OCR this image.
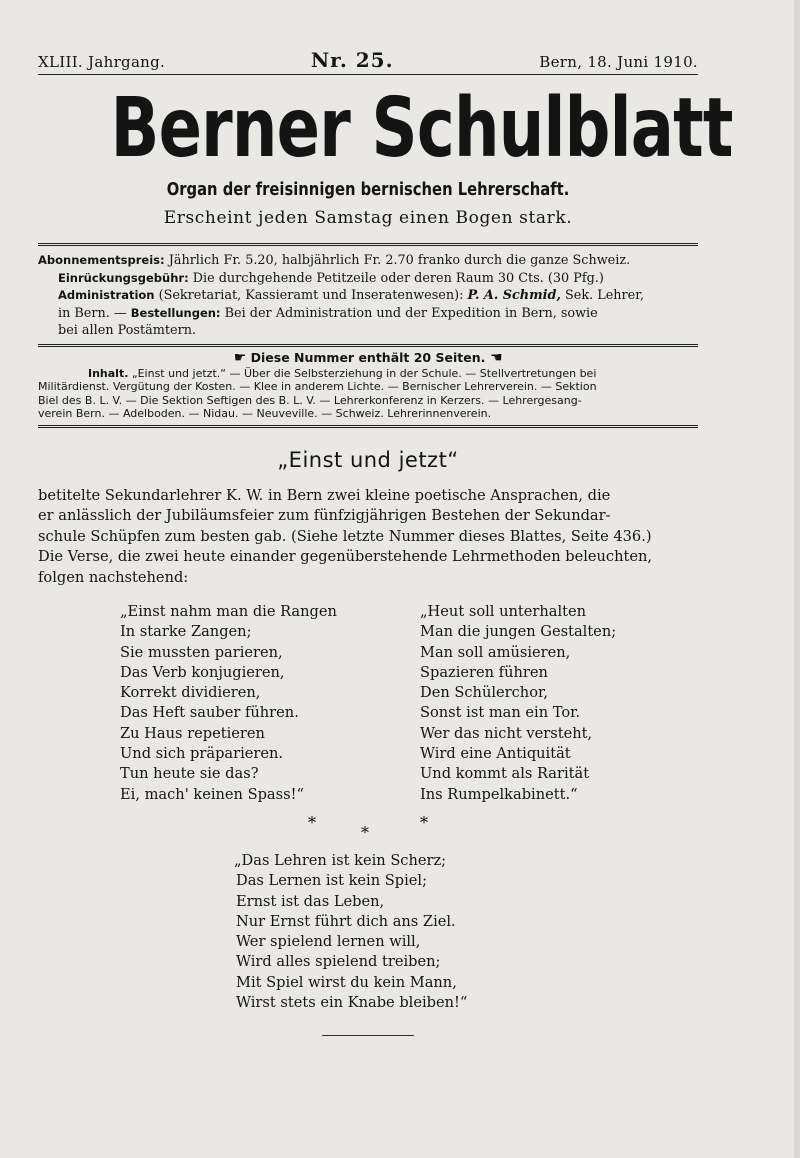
XLIII. Jahrgang.	Nr. 25.	Bern, 18. Juni 1910.
Berner Schulblatt
Organ der freisinnigen bernischen Lehrerschaft.
Erscheint jeden Samstag einen Bogen stark.

Abonnementspreis: Jährlich Fr. 5.20, halbjährlich Fr. 2.70 franko durch die ganze Schweiz.

Einrückungsgebühr: Die durchgehende Petitzeile oder deren Raum 30 Cts. (30 Pfg.)

Administration (Sekretariat, Kassieramt und Inseratenwesen): P. A. Schmid, Sek. Lehrer,

in Bern. — Bestellungen: Bei der Administration und der Expedition in Bern, sowie

bei allen Postämtern.

☛ Diese Nummer enthält 20 Seiten. ☛
Inhalt. „Einst und jetzt.“ — Über die Selbsterziehung in der Schule. — Stellvertretungen bei
Militärdienst. Vergütung der Kosten. — Klee in anderem Lichte. — Bernischer Lehrerverein. — Sektion
Biel des B. L. V. — Die Sektion Seftigen des B. L. V. — Lehrerkonferenz in Kerzers. — Lehrergesang-
verein Bern. — Adelboden. — Nidau. — Neuveville. — Schweiz. Lehrerinnenverein.
„Einst und jetzt“

betitelte Sekundarlehrer K. W. in Bern zwei kleine poetische Ansprachen, die

er anlässlich der Jubiläumsfeier zum fünfzigjährigen Bestehen der Sekundar-

schule Schüpfen zum besten gab. (Siehe letzte Nummer dieses Blattes, Seite 436.)

Die Verse, die zwei heute einander gegenüberstehende Lehrmethoden beleuchten,

folgen nachstehend:

„Einst nahm man die Rangen
In starke Zangen;
Sie mussten parieren,
Das Verb konjugieren,
Korrekt dividieren,
Das Heft sauber führen.
Zu Haus repetieren
Und sich präparieren.
Tun heute sie das?
Ei, mach' keinen Spass!“
„Heut soll unterhalten
Man die jungen Gestalten;
Man soll amüsieren,
Spazieren führen
Den Schülerchor,
Sonst ist man ein Tor.
Wer das nicht versteht,
Wird eine Antiquität
Und kommt als Rarität
Ins Rumpelkabinett.“
*
*
*
„Das Lehren ist kein Scherz;
Das Lernen ist kein Spiel;
Ernst ist das Leben,
Nur Ernst führt dich ans Ziel.
Wer spielend lernen will,
Wird alles spielend treiben;
Mit Spiel wirst du kein Mann,
Wirst stets ein Knabe bleiben!“
